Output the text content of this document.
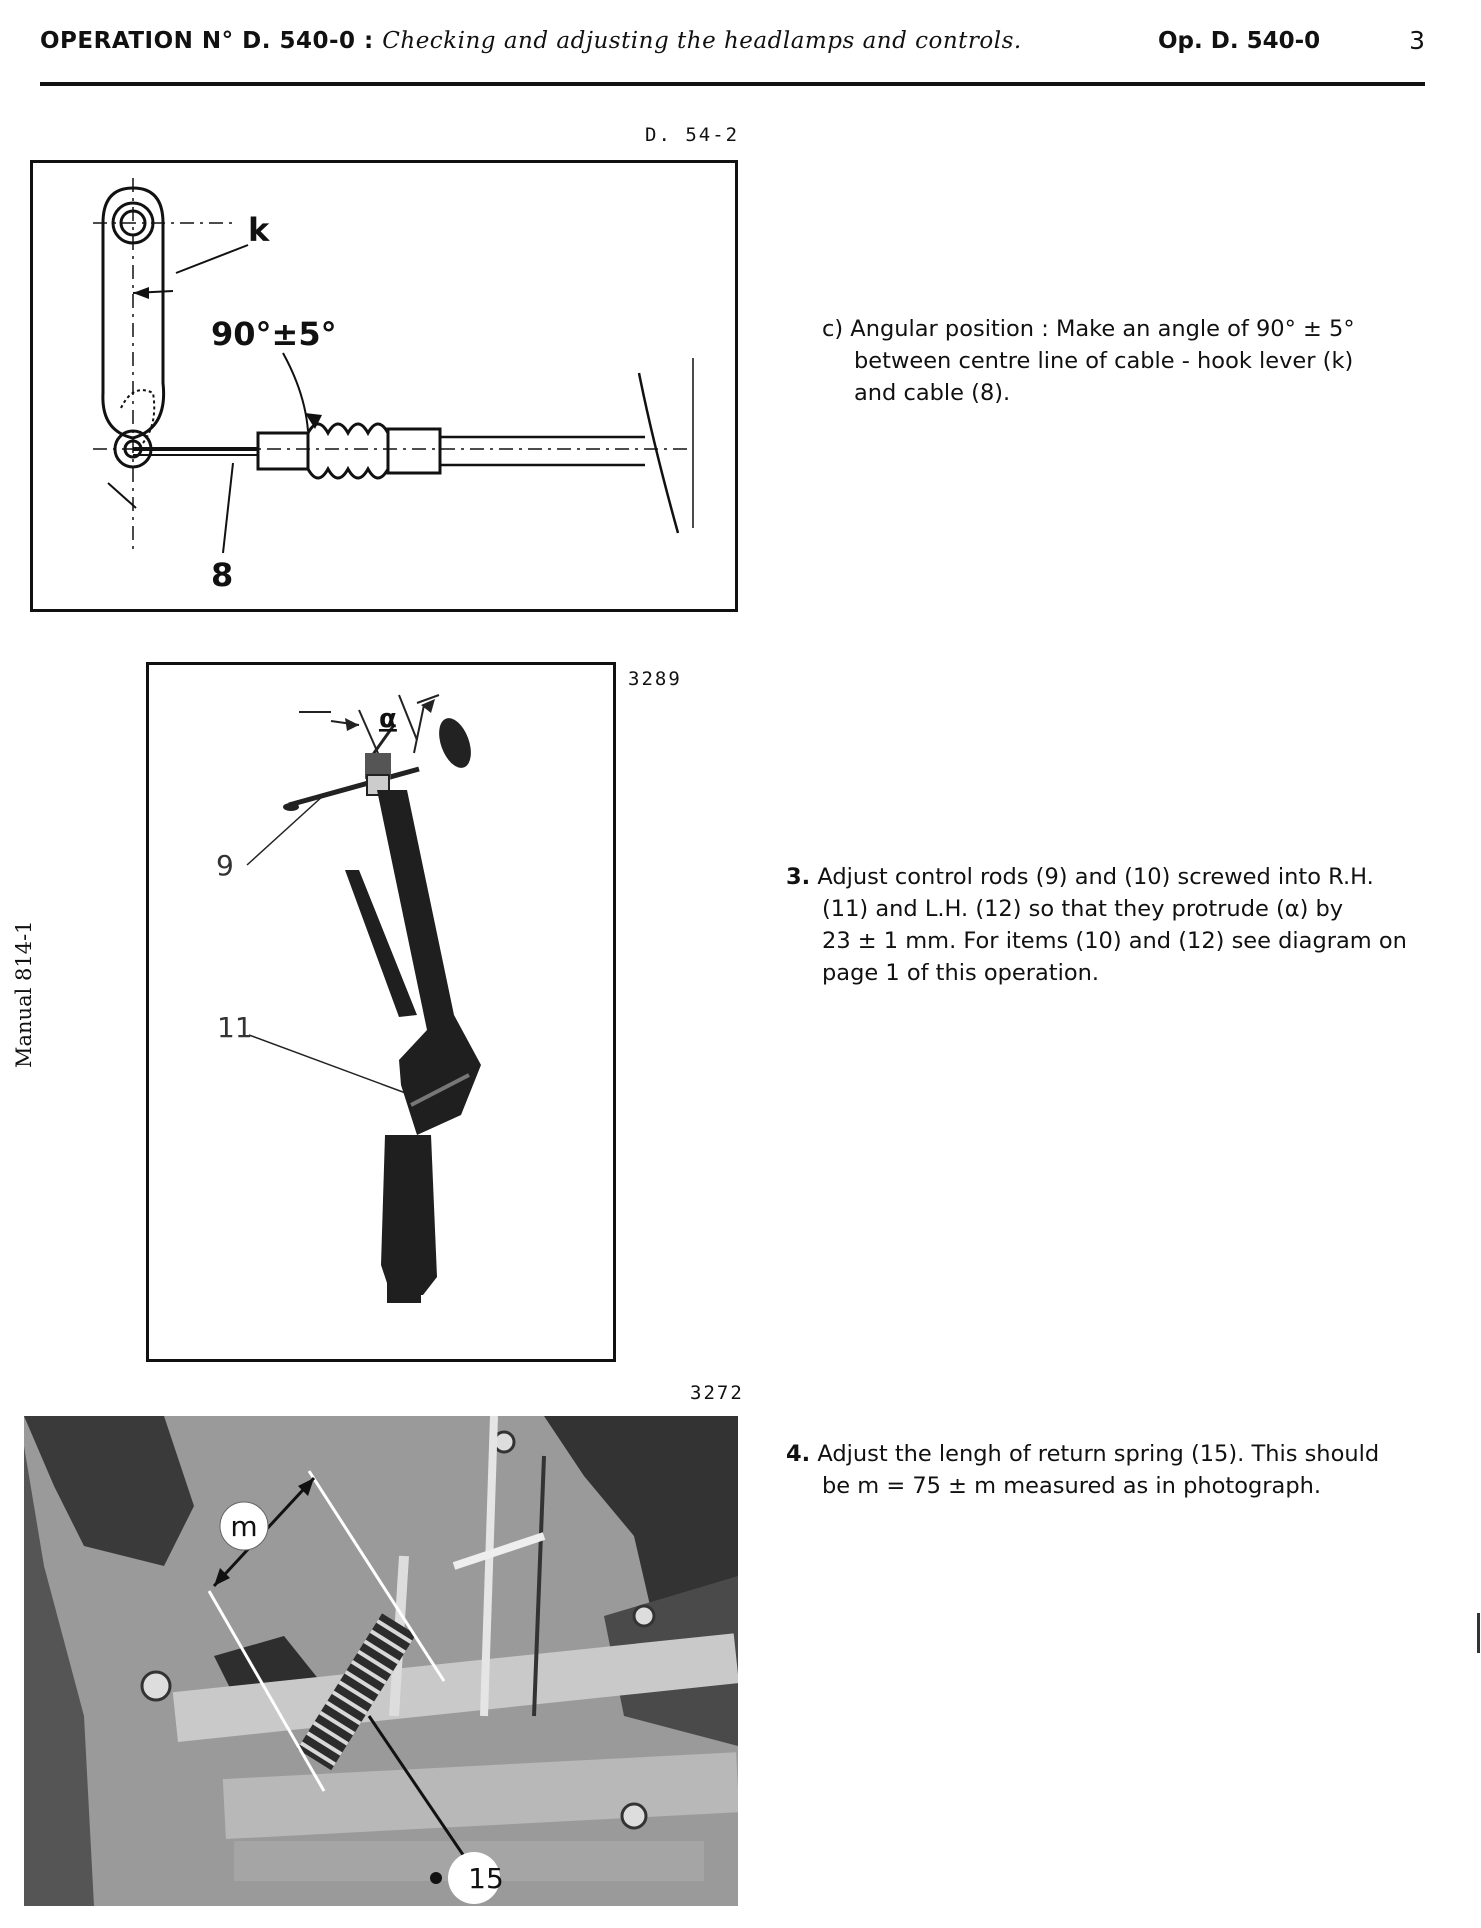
OPERATION N° D. 540-0 : Checking and adjusting the headlamps and controls.	Op. D. 540-0	3
Manual 814-1
D. 54-2
k
90°±5°
8
c) Angular position : Make an angle of 90° ± 5°
between centre line of cable - hook lever (k)
and cable (8).
3289
α
9
11
3. Adjust control rods (9) and (10) screwed into R.H.
(11) and L.H. (12) so that they protrude (α) by
23 ± 1 mm. For items (10) and (12) see diagram on
page 1 of this operation.
3272
m
15
4. Adjust the lengh of return spring (15). This should
be m = 75 ± m measured as in photograph.
